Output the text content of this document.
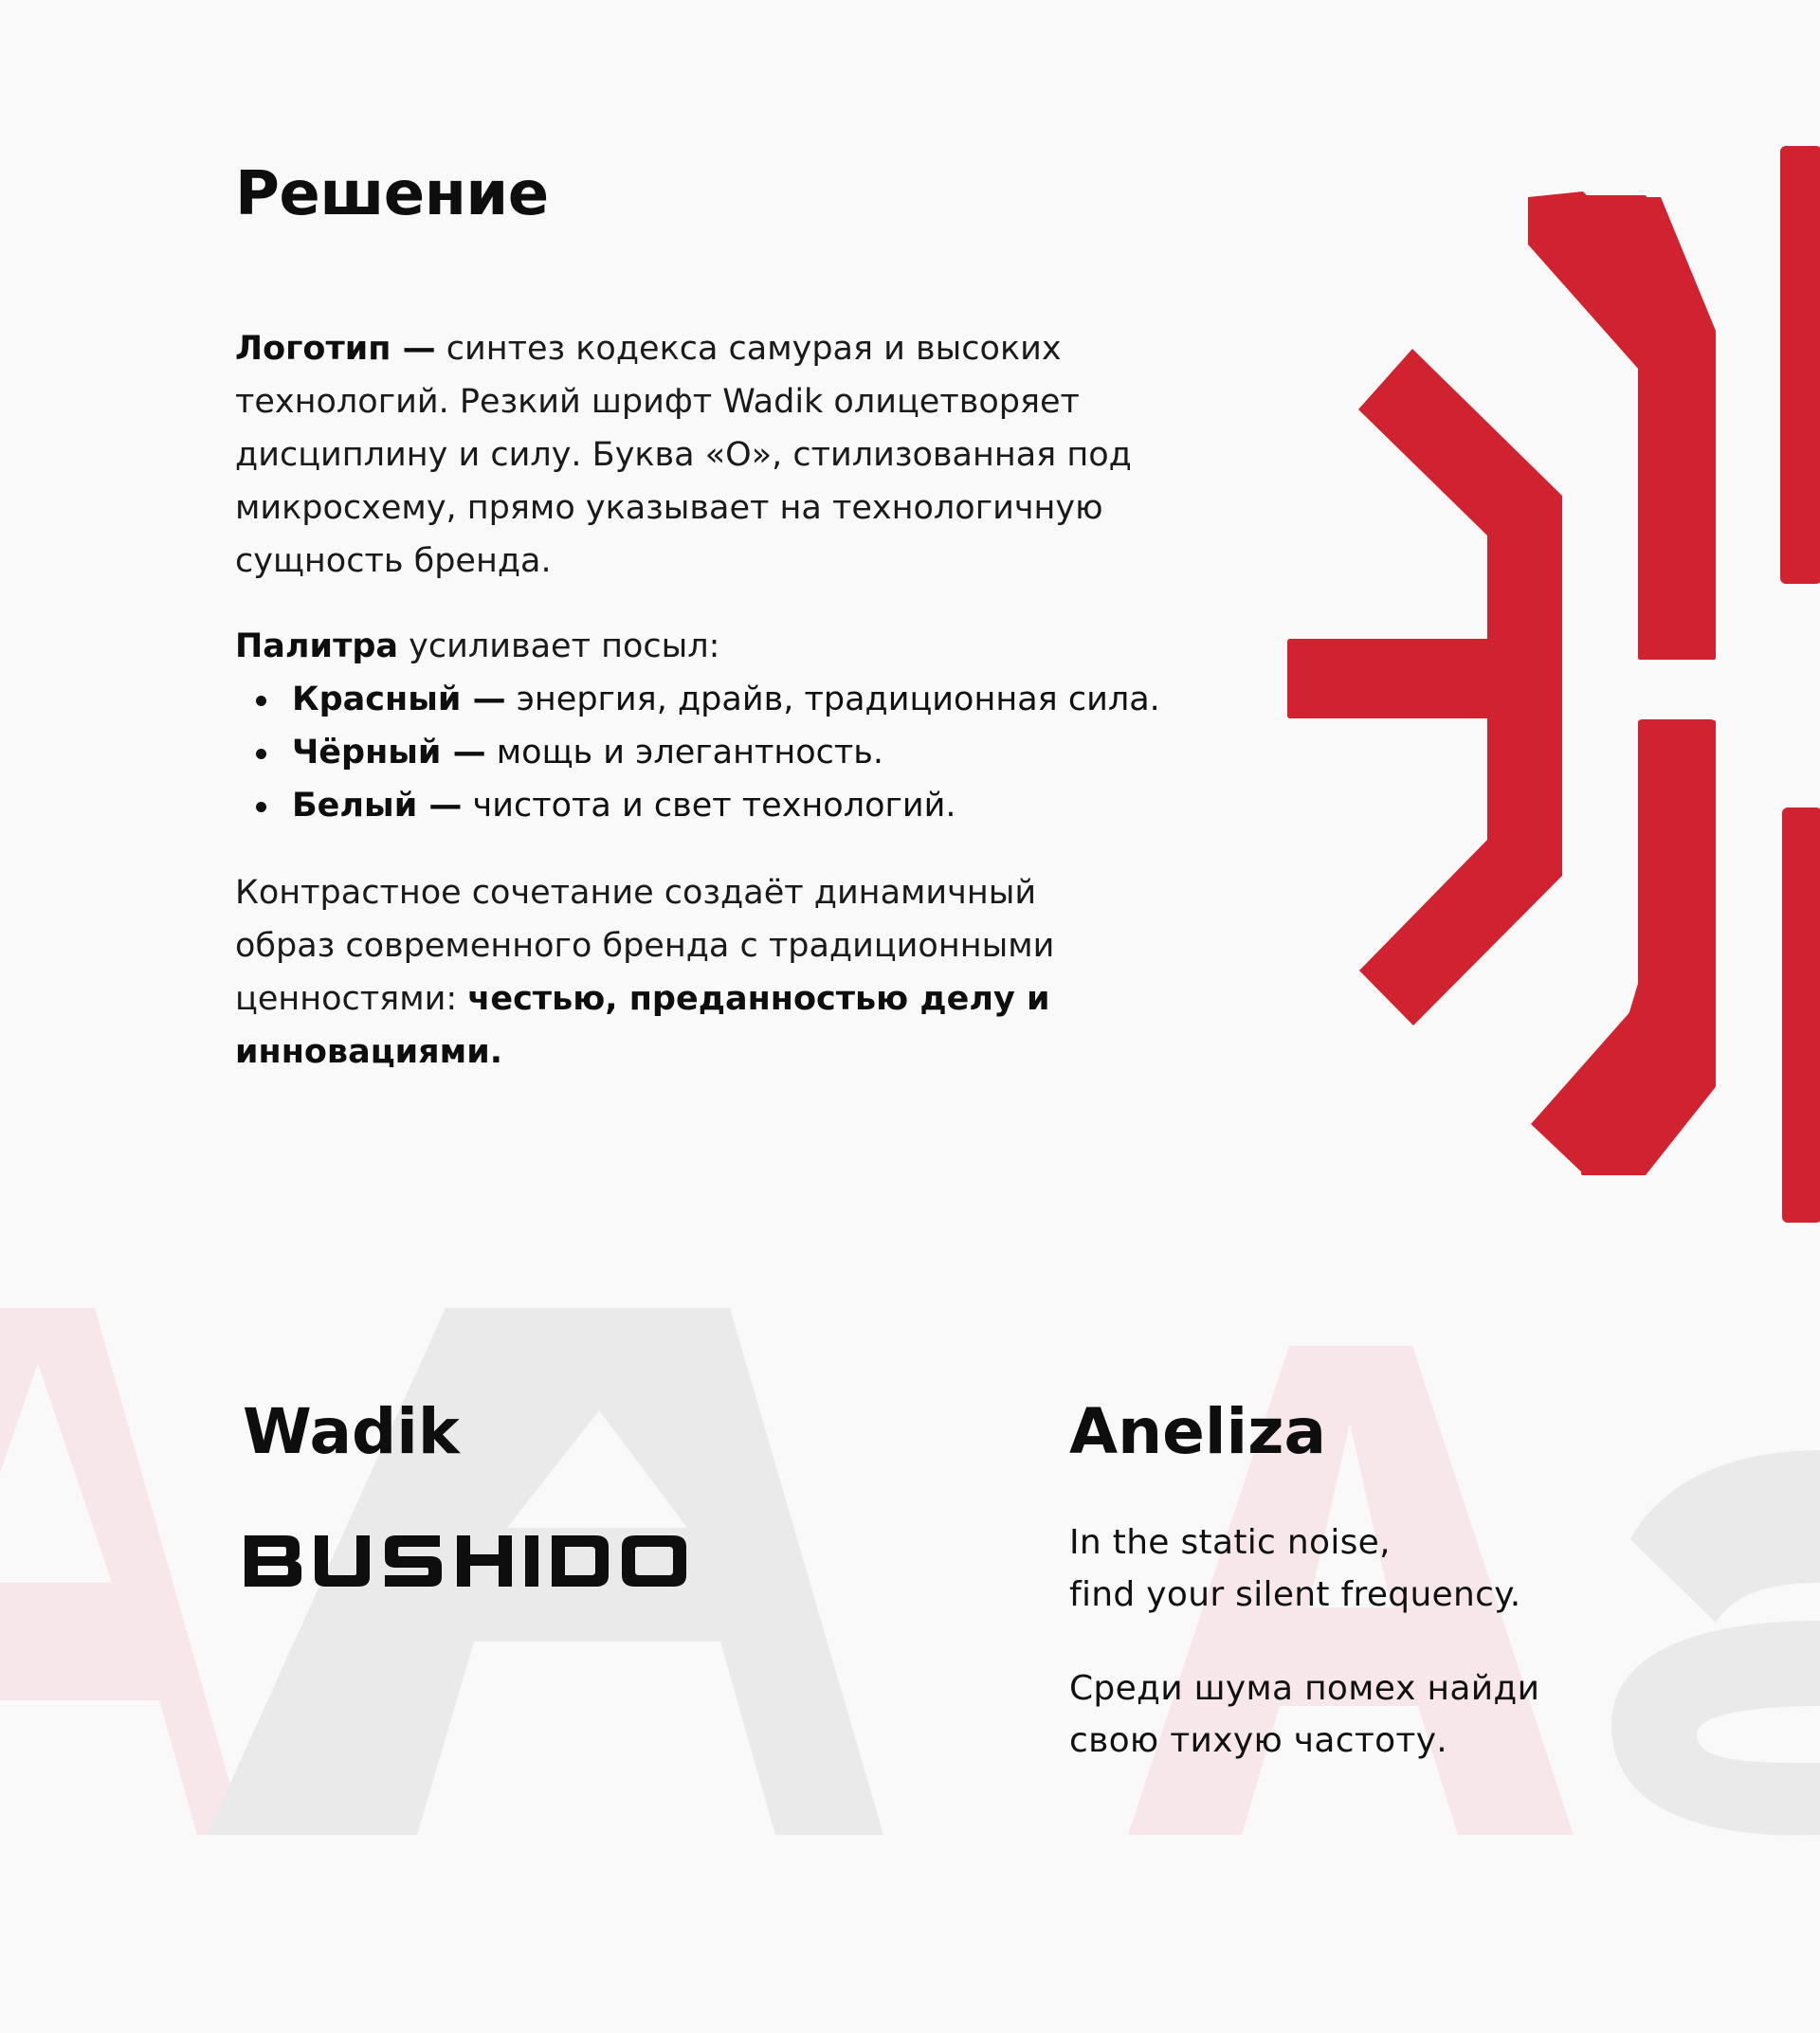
Решение

Логотип — синтез кодекса самурая и высоких технологий. Резкий шрифт Wadik олицетворяет дисциплину и силу. Буква «О», стилизованная под микросхему, прямо указывает на технологичную сущность бренда.

Палитра усиливает посыл:

Красный — энергия, драйв, традиционная сила.
Чёрный — мощь и элегантность.
Белый — чистота и свет технологий.

Контрастное сочетание создаёт динамичный образ современного бренда с традиционными ценностями: честью, преданностью делу и инновациями.

Wadik	Aneliza

In the static noise,
find your silent frequency.

Среди шума помех найди
свою тихую частоту.
